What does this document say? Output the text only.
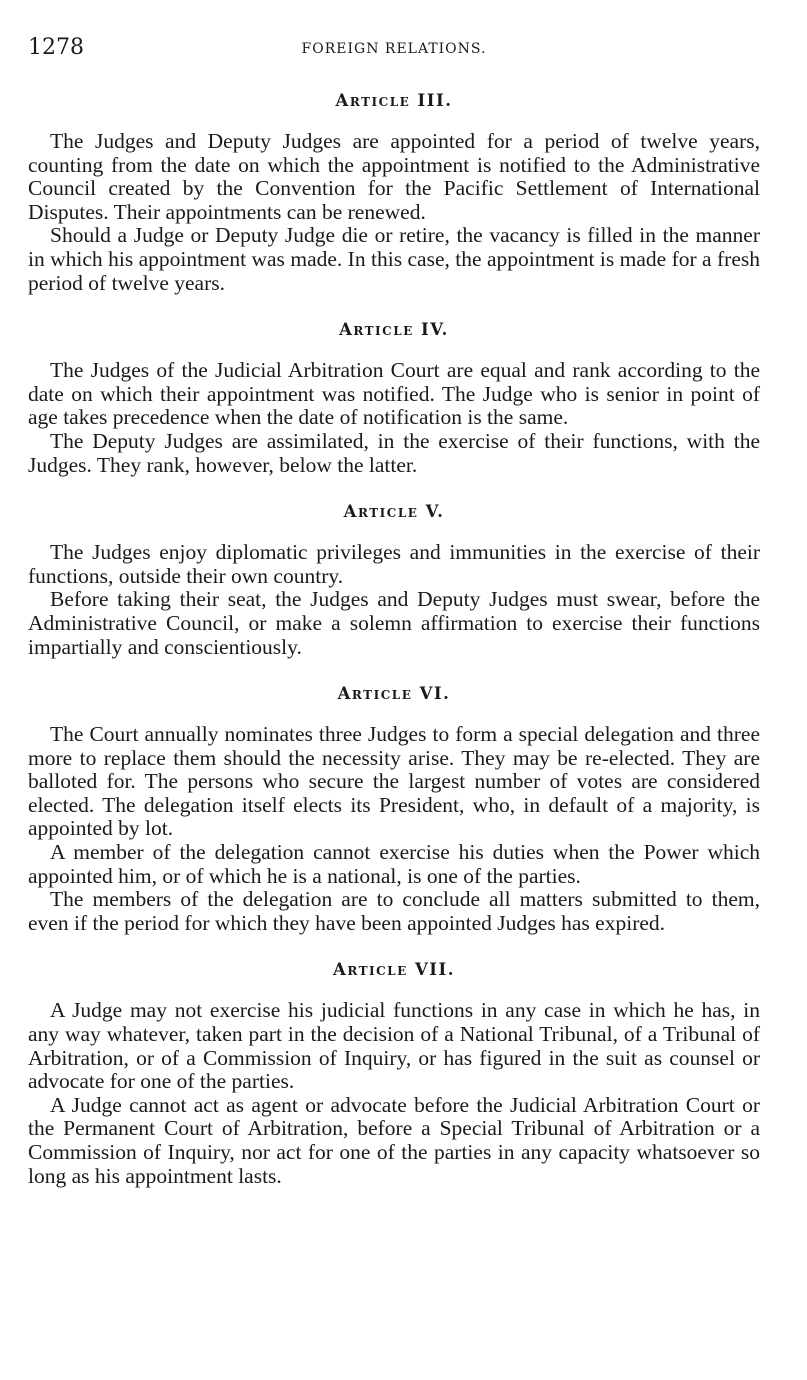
1278	FOREIGN RELATIONS.
Article III.

The Judges and Deputy Judges are appointed for a period of twelve years, counting from the date on which the appointment is notified to the Administrative Council created by the Convention for the Pacific Settlement of International Disputes. Their appointments can be renewed.

Should a Judge or Deputy Judge die or retire, the vacancy is filled in the manner in which his appointment was made. In this case, the appointment is made for a fresh period of twelve years.

Article IV.

The Judges of the Judicial Arbitration Court are equal and rank according to the date on which their appointment was notified. The Judge who is senior in point of age takes precedence when the date of notification is the same.

The Deputy Judges are assimilated, in the exercise of their functions, with the Judges. They rank, however, below the latter.

Article V.

The Judges enjoy diplomatic privileges and immunities in the exercise of their functions, outside their own country.

Before taking their seat, the Judges and Deputy Judges must swear, before the Administrative Council, or make a solemn affirmation to exercise their functions impartially and conscientiously.

Article VI.

The Court annually nominates three Judges to form a special delegation and three more to replace them should the necessity arise. They may be re-elected. They are balloted for. The persons who secure the largest number of votes are considered elected. The delegation itself elects its President, who, in default of a majority, is appointed by lot.

A member of the delegation cannot exercise his duties when the Power which appointed him, or of which he is a national, is one of the parties.

The members of the delegation are to conclude all matters submitted to them, even if the period for which they have been appointed Judges has expired.

Article VII.

A Judge may not exercise his judicial functions in any case in which he has, in any way whatever, taken part in the decision of a National Tribunal, of a Tribunal of Arbitration, or of a Commission of Inquiry, or has figured in the suit as counsel or advocate for one of the parties.

A Judge cannot act as agent or advocate before the Judicial Arbitration Court or the Permanent Court of Arbitration, before a Special Tribunal of Arbitration or a Commission of Inquiry, nor act for one of the parties in any capacity whatsoever so long as his appointment lasts.
